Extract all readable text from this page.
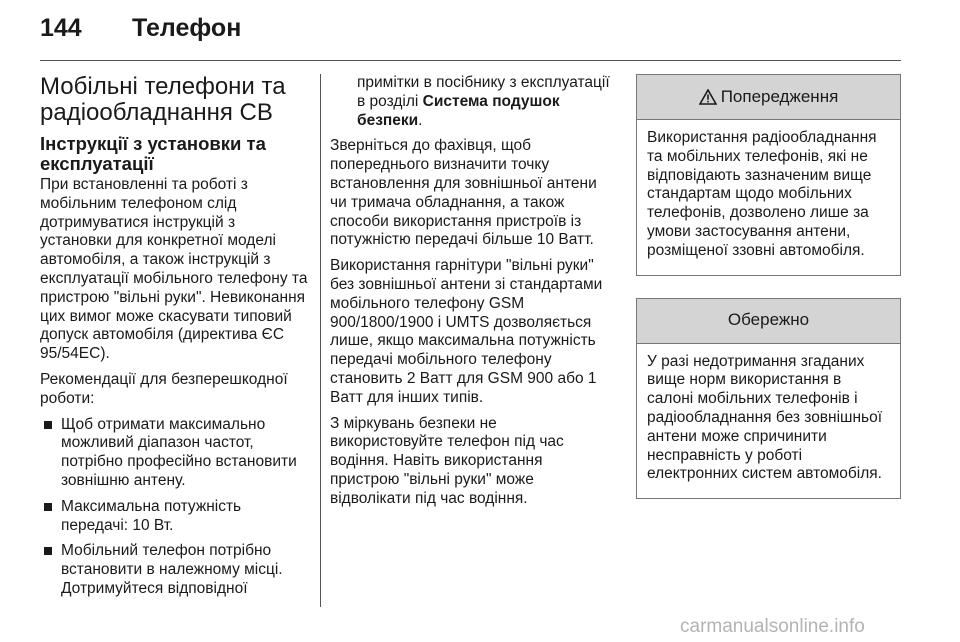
144 Телефон
Мобільні телефони та радіообладнання СВ
Інструкції з установки та експлуатації

При встановленні та роботі з мобільним телефоном слід дотримуватися інструкцій з установки для конкретної моделі автомобіля, а також інструкцій з експлуатації мобільного телефону та пристрою "вільні руки". Невиконання цих вимог може скасувати типовий допуск автомобіля (директива ЄС 95/54ЕС).

Рекомендації для безперешкодної роботи:

Щоб отримати максимально можливий діапазон частот, потрібно професійно встановити зовнішню антену.
Максимальна потужність передачі: 10 Вт.
Мобільний телефон потрібно встановити в належному місці. Дотримуйтеся відповідної

примітки в посібнику з експлуатації в розділі Система подушок безпеки.

Зверніться до фахівця, щоб попереднього визначити точку встановлення для зовнішньої антени чи тримача обладнання, а також способи використання пристроїв із потужністю передачі більше 10 Ватт.

Використання гарнітури "вільні руки" без зовнішньої антени зі стандартами мобільного телефону GSM 900/1800/1900 і UMTS дозволяється лише, якщо максимальна потужність передачі мобільного телефону становить 2 Ватт для GSM 900 або 1 Ватт для інших типів.

З міркувань безпеки не використовуйте телефон під час водіння. Навіть використання пристрою "вільні руки" може відволікати під час водіння.

Попередження
Використання радіообладнання та мобільних телефонів, які не відповідають зазначеним вище стандартам щодо мобільних телефонів, дозволено лише за умови застосування антени, розміщеної ззовні автомобіля.
Обережно
У разі недотримання згаданих вище норм використання в салоні мобільних телефонів і радіообладнання без зовнішньої антени може спричинити несправність у роботі електронних систем автомобіля.
carmanualsonline.info
